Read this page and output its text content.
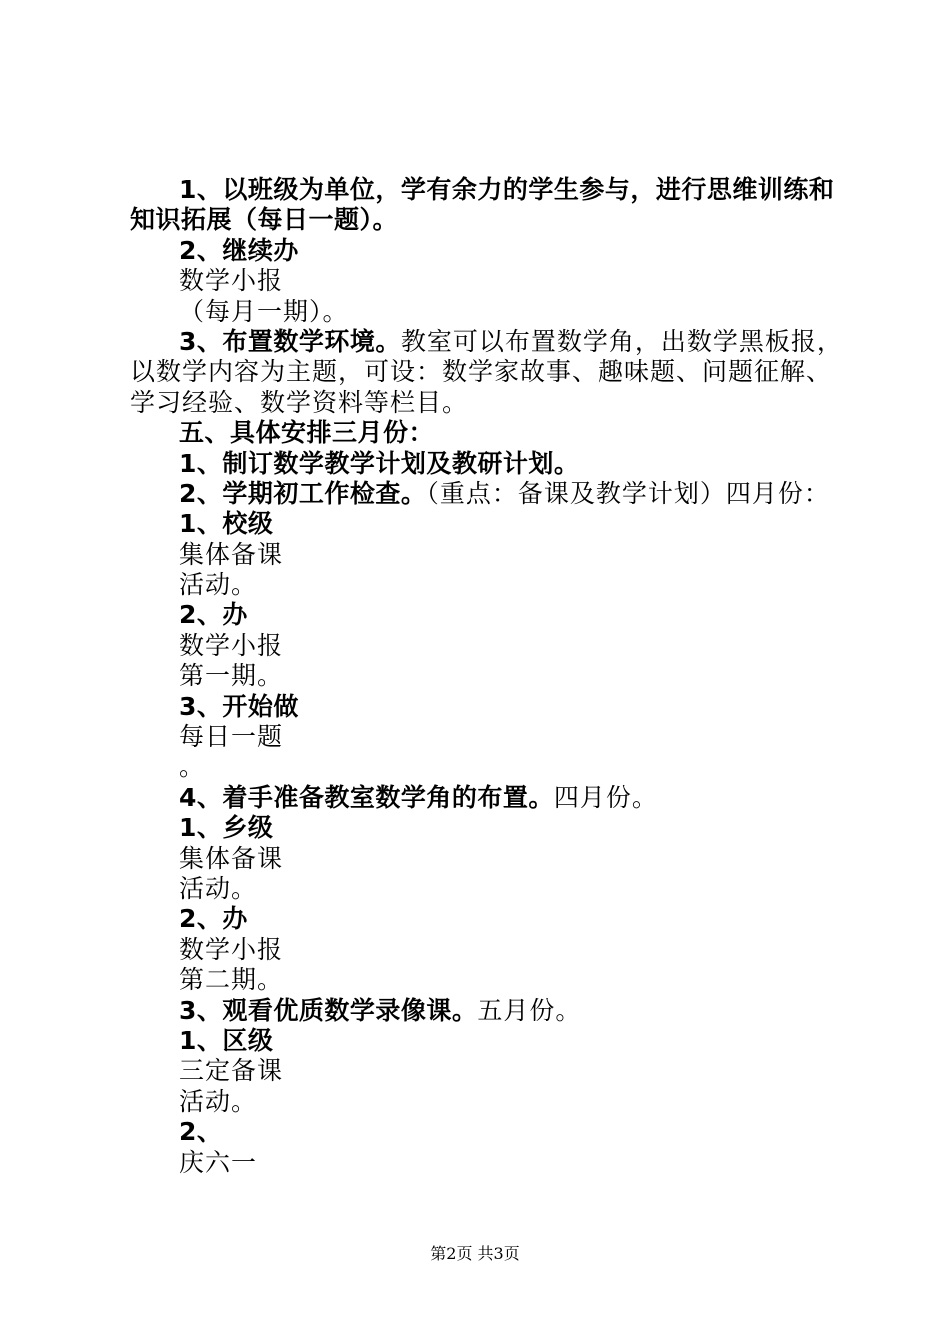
1、以班级为单位，学有余力的学生参与，进行思维训练和
知识拓展（每日一题）。
2、继续办
数学小报
（每月一期）。
3、布置数学环境。教室可以布置数学角，出数学黑板报，
以数学内容为主题，可设：数学家故事、趣味题、问题征解、
学习经验、数学资料等栏目。
五、具体安排三月份：
1、制订数学教学计划及教研计划。
2、学期初工作检查。（重点：备课及教学计划）四月份：
1、校级
集体备课
活动。
2、办
数学小报
第一期。
3、开始做
每日一题
。
4、着手准备教室数学角的布置。四月份。
1、乡级
集体备课
活动。
2、办
数学小报
第二期。
3、观看优质数学录像课。五月份。
1、区级
三定备课
活动。
2、
庆六一
第2页 共3页
